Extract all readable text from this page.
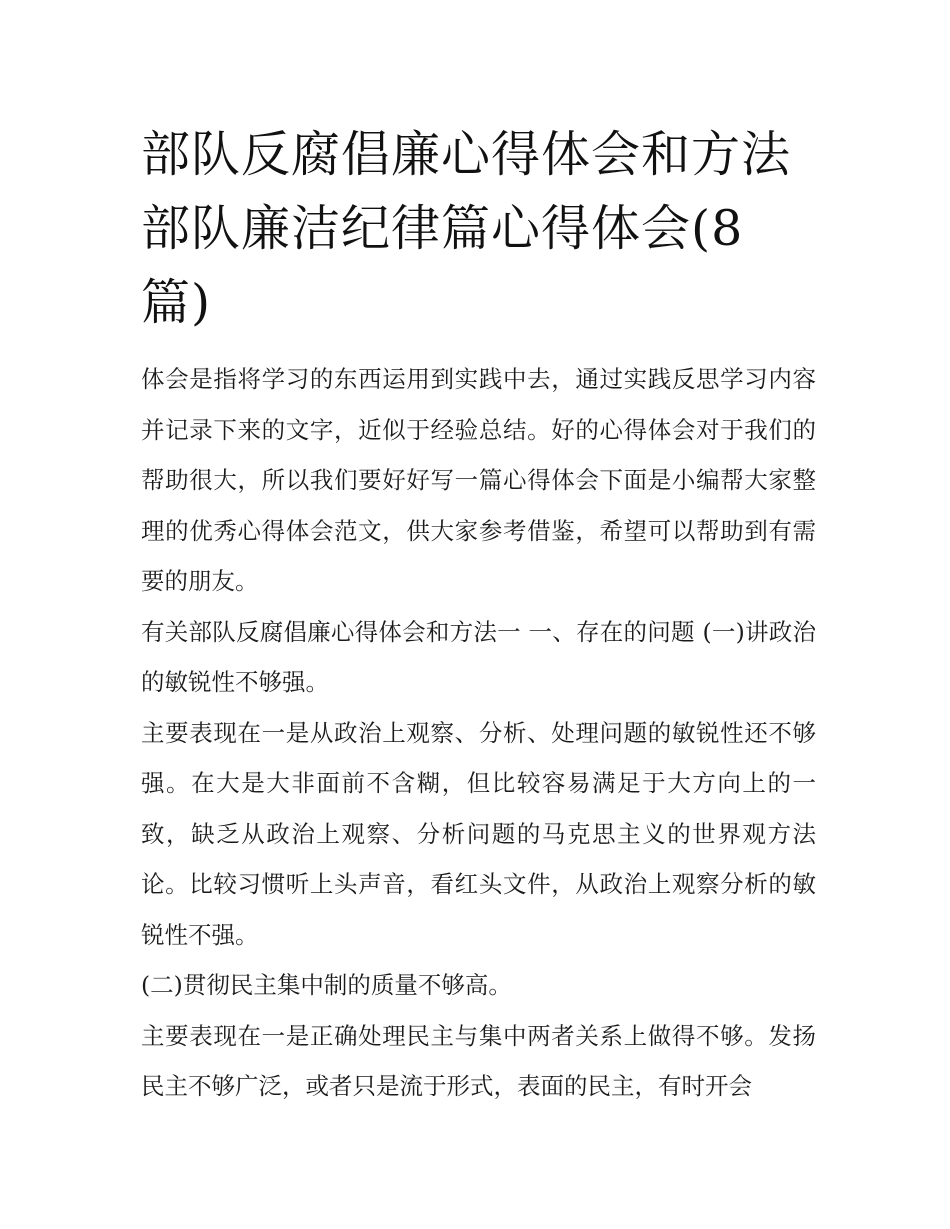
部队反腐倡廉心得体会和方法
部队廉洁纪律篇心得体会(8
篇)

体会是指将学习的东西运用到实践中去，通过实践反思学习内容并记录下来的文字，近似于经验总结。好的心得体会对于我们的帮助很大，所以我们要好好写一篇心得体会下面是小编帮大家整理的优秀心得体会范文，供大家参考借鉴，希望可以帮助到有需要的朋友。

有关部队反腐倡廉心得体会和方法一 一、存在的问题 (一)讲政治的敏锐性不够强。

主要表现在一是从政治上观察、分析、处理问题的敏锐性还不够强。在大是大非面前不含糊，但比较容易满足于大方向上的一致，缺乏从政治上观察、分析问题的马克思主义的世界观方法论。比较习惯听上头声音，看红头文件，从政治上观察分析的敏锐性不强。

(二)贯彻民主集中制的质量不够高。

主要表现在一是正确处理民主与集中两者关系上做得不够。发扬民主不够广泛，或者只是流于形式，表面的民主，有时开会
